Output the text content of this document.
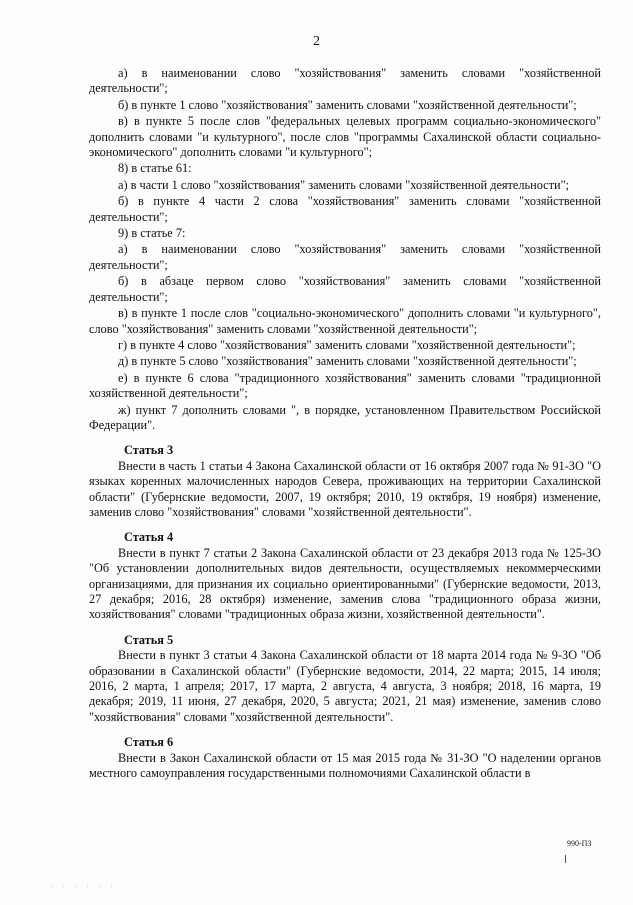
2
а) в наименовании слово "хозяйствования" заменить словами "хозяйственной деятельности";
б) в пункте 1 слово "хозяйствования" заменить словами "хозяйственной деятельности";
в) в пункте 5 после слов "федеральных целевых программ социально-экономического" дополнить словами "и культурного", после слов "программы Сахалинской области социально-экономического" дополнить словами "и культурного";
8) в статье 61:
а) в части 1 слово "хозяйствования" заменить словами "хозяйственной деятельности";
б) в пункте 4 части 2 слова "хозяйствования" заменить словами "хозяйственной деятельности";
9) в статье 7:
а) в наименовании слово "хозяйствования" заменить словами "хозяйственной деятельности";
б) в абзаце первом слово "хозяйствования" заменить словами "хозяйственной деятельности";
в) в пункте 1 после слов "социально-экономического" дополнить словами "и культурного", слово "хозяйствования" заменить словами "хозяйственной деятельности";
г) в пункте 4 слово "хозяйствования" заменить словами "хозяйственной деятельности";
д) в пункте 5 слово "хозяйствования" заменить словами "хозяйственной деятельности";
е) в пункте 6 слова "традиционного хозяйствования" заменить словами "традиционной хозяйственной деятельности";
ж) пункт 7 дополнить словами ", в порядке, установленном Правительством Российской Федерации".
Статья 3
Внести в часть 1 статьи 4 Закона Сахалинской области от 16 октября 2007 года № 91-ЗО "О языках коренных малочисленных народов Севера, проживающих на территории Сахалинской области" (Губернские ведомости, 2007, 19 октября; 2010, 19 октября, 19 ноября) изменение, заменив слово "хозяйствования" словами "хозяйственной деятельности".
Статья 4
Внести в пункт 7 статьи 2 Закона Сахалинской области от 23 декабря 2013 года № 125-ЗО "Об установлении дополнительных видов деятельности, осуществляемых некоммерческими организациями, для признания их социально ориентированными" (Губернские ведомости, 2013, 27 декабря; 2016, 28 октября) изменение, заменив слова "традиционного образа жизни, хозяйствования" словами "традиционных образа жизни, хозяйственной деятельности".
Статья 5
Внести в пункт 3 статьи 4 Закона Сахалинской области от 18 марта 2014 года № 9-ЗО "Об образовании в Сахалинской области" (Губернские ведомости, 2014, 22 марта; 2015, 14 июля; 2016, 2 марта, 1 апреля; 2017, 17 марта, 2 августа, 4 августа, 3 ноября; 2018, 16 марта, 19 декабря; 2019, 11 июня, 27 декабря, 2020, 5 августа; 2021, 21 мая) изменение, заменив слово "хозяйствования" словами "хозяйственной деятельности".
Статья 6
Внести в Закон Сахалинской области от 15 мая 2015 года № 31-ЗО "О наделении органов местного самоуправления государственными полномочиями Сахалинской области в
990-ПЗ
· · · · · ·
